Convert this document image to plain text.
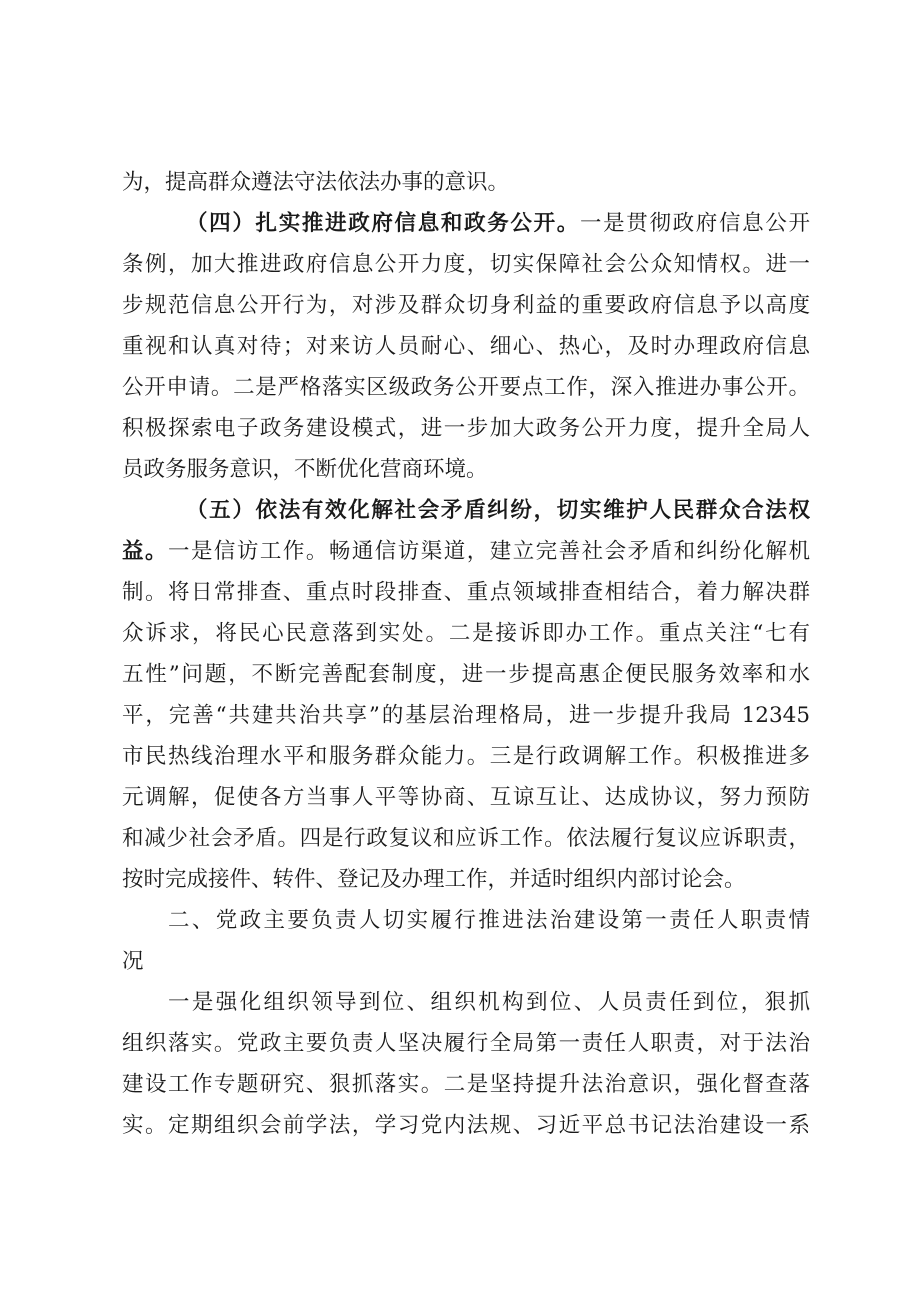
为，提高群众遵法守法依法办事的意识。
（四）扎实推进政府信息和政务公开。一是贯彻政府信息公开
条例，加大推进政府信息公开力度，切实保障社会公众知情权。进一
步规范信息公开行为，对涉及群众切身利益的重要政府信息予以高度
重视和认真对待；对来访人员耐心、细心、热心，及时办理政府信息
公开申请。二是严格落实区级政务公开要点工作，深入推进办事公开。
积极探索电子政务建设模式，进一步加大政务公开力度，提升全局人
员政务服务意识，不断优化营商环境。
（五）依法有效化解社会矛盾纠纷，切实维护人民群众合法权
益。一是信访工作。畅通信访渠道，建立完善社会矛盾和纠纷化解机
制。将日常排查、重点时段排查、重点领域排查相结合，着力解决群
众诉求，将民心民意落到实处。二是接诉即办工作。重点关注“七有
五性”问题，不断完善配套制度，进一步提高惠企便民服务效率和水
平，完善“共建共治共享”的基层治理格局，进一步提升我局 12345
市民热线治理水平和服务群众能力。三是行政调解工作。积极推进多
元调解，促使各方当事人平等协商、互谅互让、达成协议，努力预防
和减少社会矛盾。四是行政复议和应诉工作。依法履行复议应诉职责，
按时完成接件、转件、登记及办理工作，并适时组织内部讨论会。
二、党政主要负责人切实履行推进法治建设第一责任人职责情
况
一是强化组织领导到位、组织机构到位、人员责任到位，狠抓
组织落实。党政主要负责人坚决履行全局第一责任人职责，对于法治
建设工作专题研究、狠抓落实。二是坚持提升法治意识，强化督查落
实。定期组织会前学法，学习党内法规、习近平总书记法治建设一系
